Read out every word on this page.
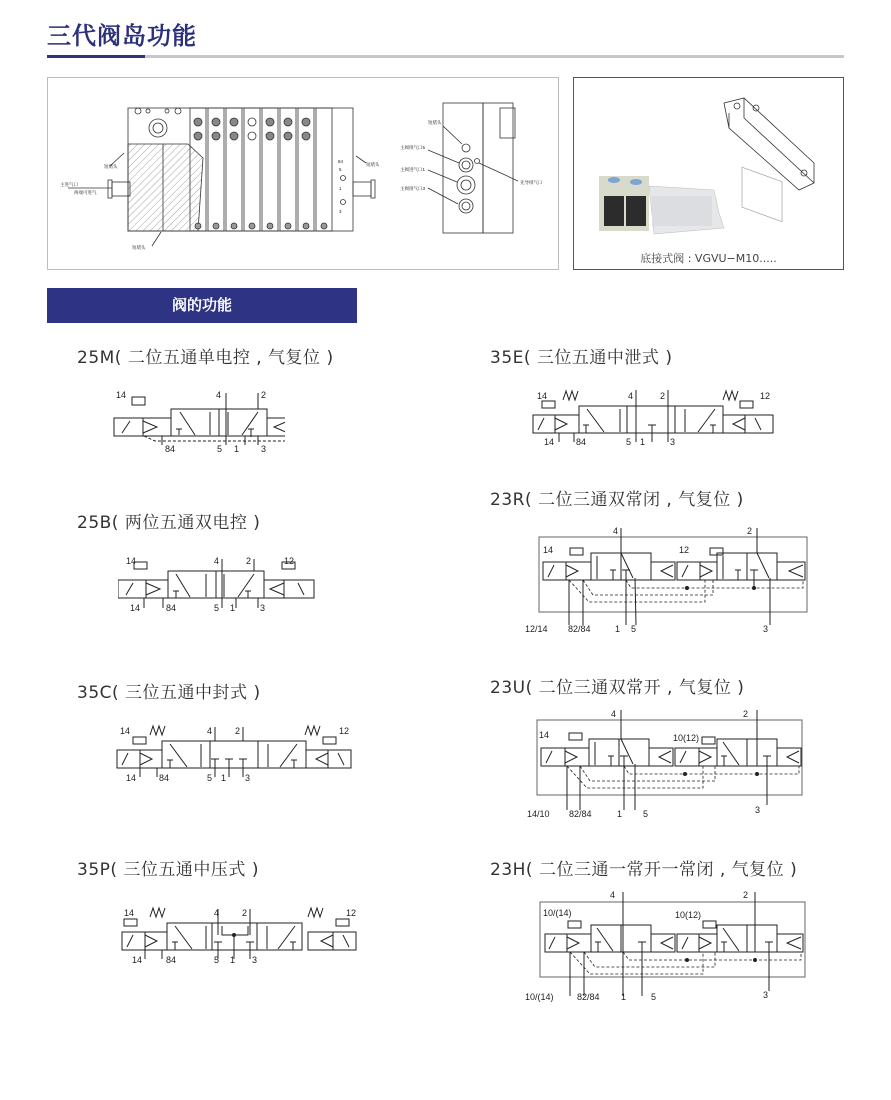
三代阀岛功能
短堵头
主进气口
两端可进气
短堵头
短堵头
84
5
1
3
短堵头
主阀排气口5
主阀进气口1
主阀排气口3
先导排气口
底接式阀 : VGVU−M10.....
阀的功能
25M( 二位五通单电控 , 气复位 )
14	4	2
84	5 1 3
25B( 两位五通双电控 )
14	4	2	12
14	84	5 1	3
35C( 三位五通中封式 )
14	4	2	12
14	84	5 1 3
35P( 三位五通中压式 )
14	4	2	12
14	84	5 1 3
35E( 三位五通中泄式 )
14	4	2	12
14 84	5 1	3
23R( 二位三通双常闭 , 气复位 )
14
4
12
2
12/14 82/84	1 5	3
23U( 二位三通双常开 , 气复位 )
14
4
10(12)
2
14/10 82/84	1 5	3
23H( 二位三通一常开一常闭 , 气复位 )
10/(14)
4
10(12)
2
10/(14)	82/84 1	5	3
